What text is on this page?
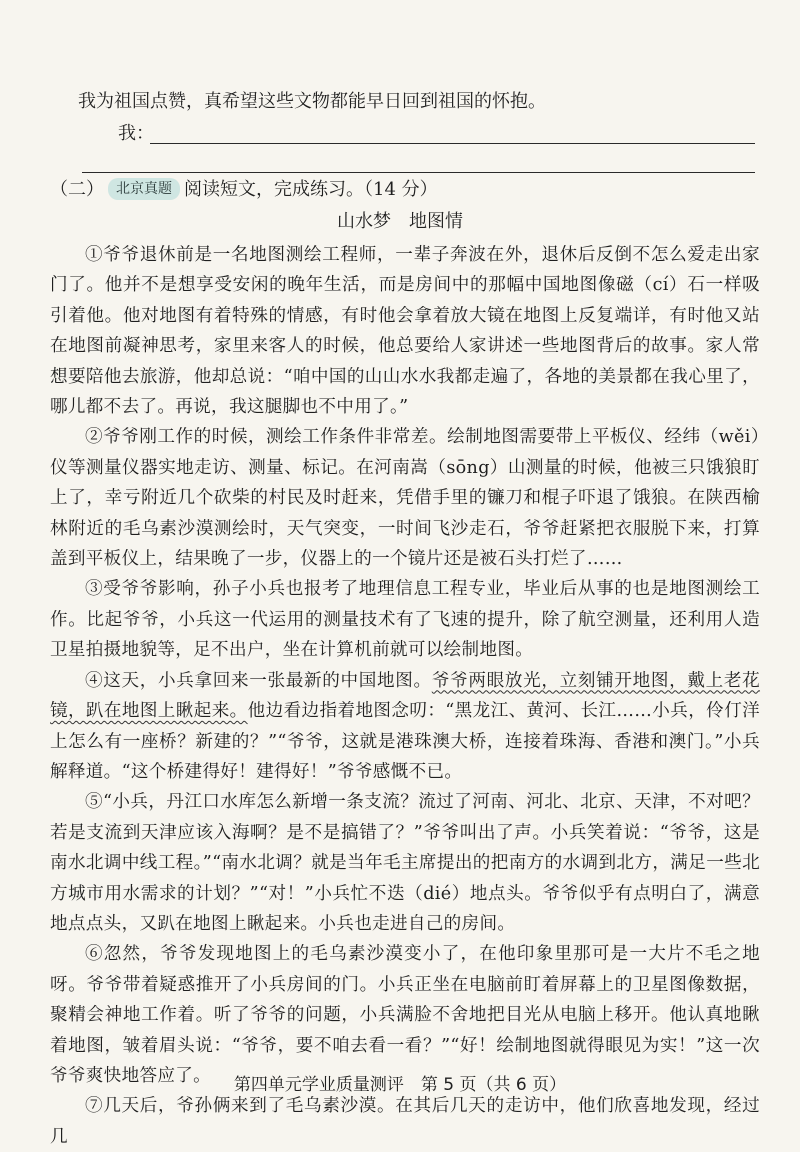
我为祖国点赞，真希望这些文物都能早日回到祖国的怀抱。
我：
（二） 北京真题 阅读短文，完成练习。（14 分）
山水梦　地图情

①爷爷退休前是一名地图测绘工程师，一辈子奔波在外，退休后反倒不怎么爱走出家门了。他并不是想享受安闲的晚年生活，而是房间中的那幅中国地图像磁（cí）石一样吸引着他。他对地图有着特殊的情感，有时他会拿着放大镜在地图上反复端详，有时他又站在地图前凝神思考，家里来客人的时候，他总要给人家讲述一些地图背后的故事。家人常想要陪他去旅游，他却总说：“咱中国的山山水水我都走遍了，各地的美景都在我心里了，哪儿都不去了。再说，我这腿脚也不中用了。”

②爷爷刚工作的时候，测绘工作条件非常差。绘制地图需要带上平板仪、经纬（wěi）仪等测量仪器实地走访、测量、标记。在河南嵩（sōng）山测量的时候，他被三只饿狼盯上了，幸亏附近几个砍柴的村民及时赶来，凭借手里的镰刀和棍子吓退了饿狼。在陕西榆林附近的毛乌素沙漠测绘时，天气突变，一时间飞沙走石，爷爷赶紧把衣服脱下来，打算盖到平板仪上，结果晚了一步，仪器上的一个镜片还是被石头打烂了……

③受爷爷影响，孙子小兵也报考了地理信息工程专业，毕业后从事的也是地图测绘工作。比起爷爷，小兵这一代运用的测量技术有了飞速的提升，除了航空测量，还利用人造卫星拍摄地貌等，足不出户，坐在计算机前就可以绘制地图。

④这天，小兵拿回来一张最新的中国地图。爷爷两眼放光，立刻铺开地图，戴上老花镜，趴在地图上瞅起来。他边看边指着地图念叨：“黑龙江、黄河、长江……小兵，伶仃洋上怎么有一座桥？新建的？”“爷爷，这就是港珠澳大桥，连接着珠海、香港和澳门。”小兵解释道。“这个桥建得好！建得好！”爷爷感慨不已。

⑤“小兵，丹江口水库怎么新增一条支流？流过了河南、河北、北京、天津，不对吧？若是支流到天津应该入海啊？是不是搞错了？”爷爷叫出了声。小兵笑着说：“爷爷，这是南水北调中线工程。”“南水北调？就是当年毛主席提出的把南方的水调到北方，满足一些北方城市用水需求的计划？”“对！”小兵忙不迭（dié）地点头。爷爷似乎有点明白了，满意地点点头，又趴在地图上瞅起来。小兵也走进自己的房间。

⑥忽然，爷爷发现地图上的毛乌素沙漠变小了，在他印象里那可是一大片不毛之地呀。爷爷带着疑惑推开了小兵房间的门。小兵正坐在电脑前盯着屏幕上的卫星图像数据，聚精会神地工作着。听了爷爷的问题，小兵满脸不舍地把目光从电脑上移开。他认真地瞅着地图，皱着眉头说：“爷爷，要不咱去看一看？”“好！绘制地图就得眼见为实！”这一次爷爷爽快地答应了。

⑦几天后，爷孙俩来到了毛乌素沙漠。在其后几天的走访中，他们欣喜地发现，经过几

第四单元学业质量测评　第 5 页（共 6 页）
